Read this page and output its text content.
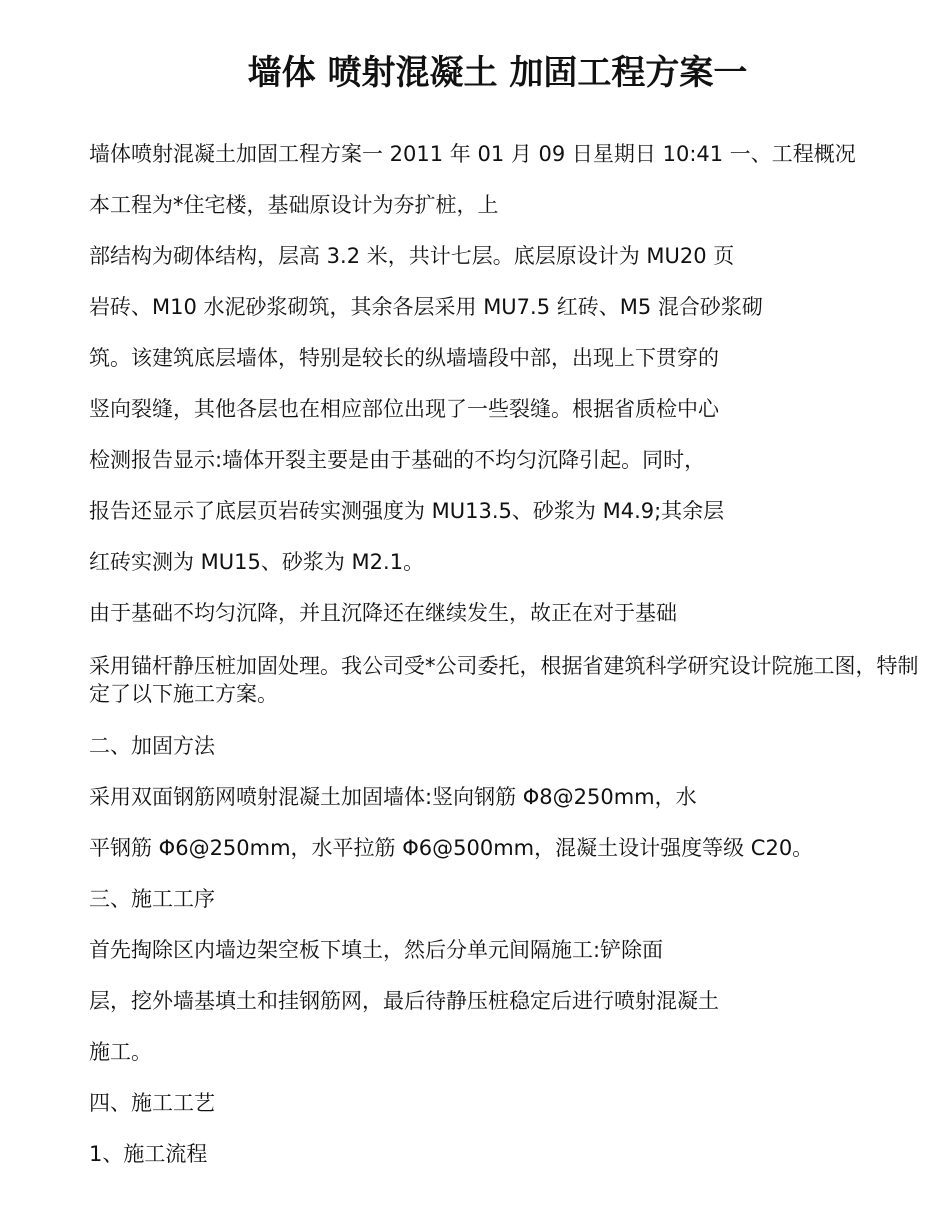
墙体 喷射混凝土 加固工程方案一
墙体喷射混凝土加固工程方案一 2011 年 01 月 09 日星期日 10:41 一、工程概况
本工程为*住宅楼，基础原设计为夯扩桩，上
部结构为砌体结构，层高 3.2 米，共计七层。底层原设计为 MU20 页
岩砖、M10 水泥砂浆砌筑，其余各层采用 MU7.5 红砖、M5 混合砂浆砌
筑。该建筑底层墙体，特别是较长的纵墙墙段中部，出现上下贯穿的
竖向裂缝，其他各层也在相应部位出现了一些裂缝。根据省质检中心
检测报告显示:墙体开裂主要是由于基础的不均匀沉降引起。同时，
报告还显示了底层页岩砖实测强度为 MU13.5、砂浆为 M4.9;其余层
红砖实测为 MU15、砂浆为 M2.1。
由于基础不均匀沉降，并且沉降还在继续发生，故正在对于基础
采用锚杆静压桩加固处理。我公司受*公司委托，根据省建筑科学研究设计院施工图，特制定了以下施工方案。
二、加固方法
采用双面钢筋网喷射混凝土加固墙体:竖向钢筋 Φ8@250mm，水
平钢筋 Φ6@250mm，水平拉筋 Φ6@500mm，混凝土设计强度等级 C20。
三、施工工序
首先掏除区内墙边架空板下填土，然后分单元间隔施工:铲除面
层，挖外墙基填土和挂钢筋网，最后待静压桩稳定后进行喷射混凝土
施工。
四、施工工艺
1、施工流程
